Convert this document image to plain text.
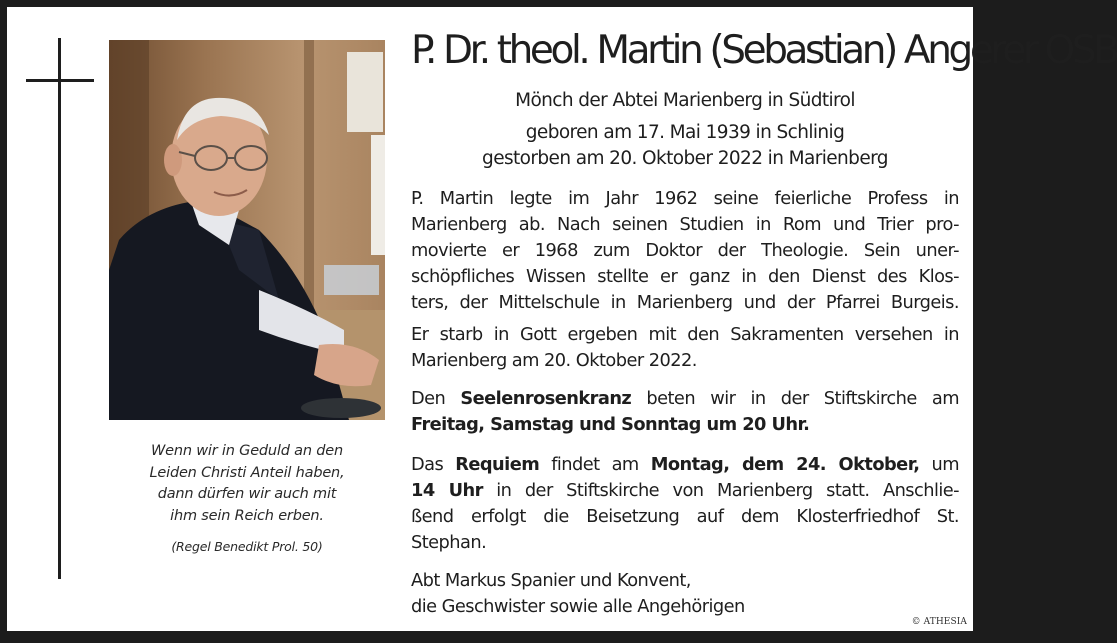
Wenn wir in Geduld an den
Leiden Christi Anteil haben,
dann dürfen wir auch mit
ihm sein Reich erben.
(Regel Benedikt Prol. 50)
P. Dr. theol. Martin (Sebastian) Angerer OSB
Mönch der Abtei Marienberg in Südtirol
geboren am 17. Mai 1939 in Schlinig
gestorben am 20. Oktober 2022 in Marienberg
P. Martin legte im Jahr 1962 seine feierliche Profess in
Marienberg ab. Nach seinen Studien in Rom und Trier pro-
movierte er 1968 zum Doktor der Theologie. Sein uner-
schöpfliches Wissen stellte er ganz in den Dienst des Klos-
ters, der Mittelschule in Marienberg und der Pfarrei Burgeis.
Er starb in Gott ergeben mit den Sakramenten versehen in
Marienberg am 20. Oktober 2022.
Den Seelenrosenkranz beten wir in der Stiftskirche am
Freitag, Samstag und Sonntag um 20 Uhr.
Das Requiem findet am Montag, dem 24. Oktober, um
14 Uhr in der Stiftskirche von Marienberg statt. Anschlie-
ßend erfolgt die Beisetzung auf dem Klosterfriedhof St.
Stephan.
Abt Markus Spanier und Konvent,
die Geschwister sowie alle Angehörigen
© ATHESIA
